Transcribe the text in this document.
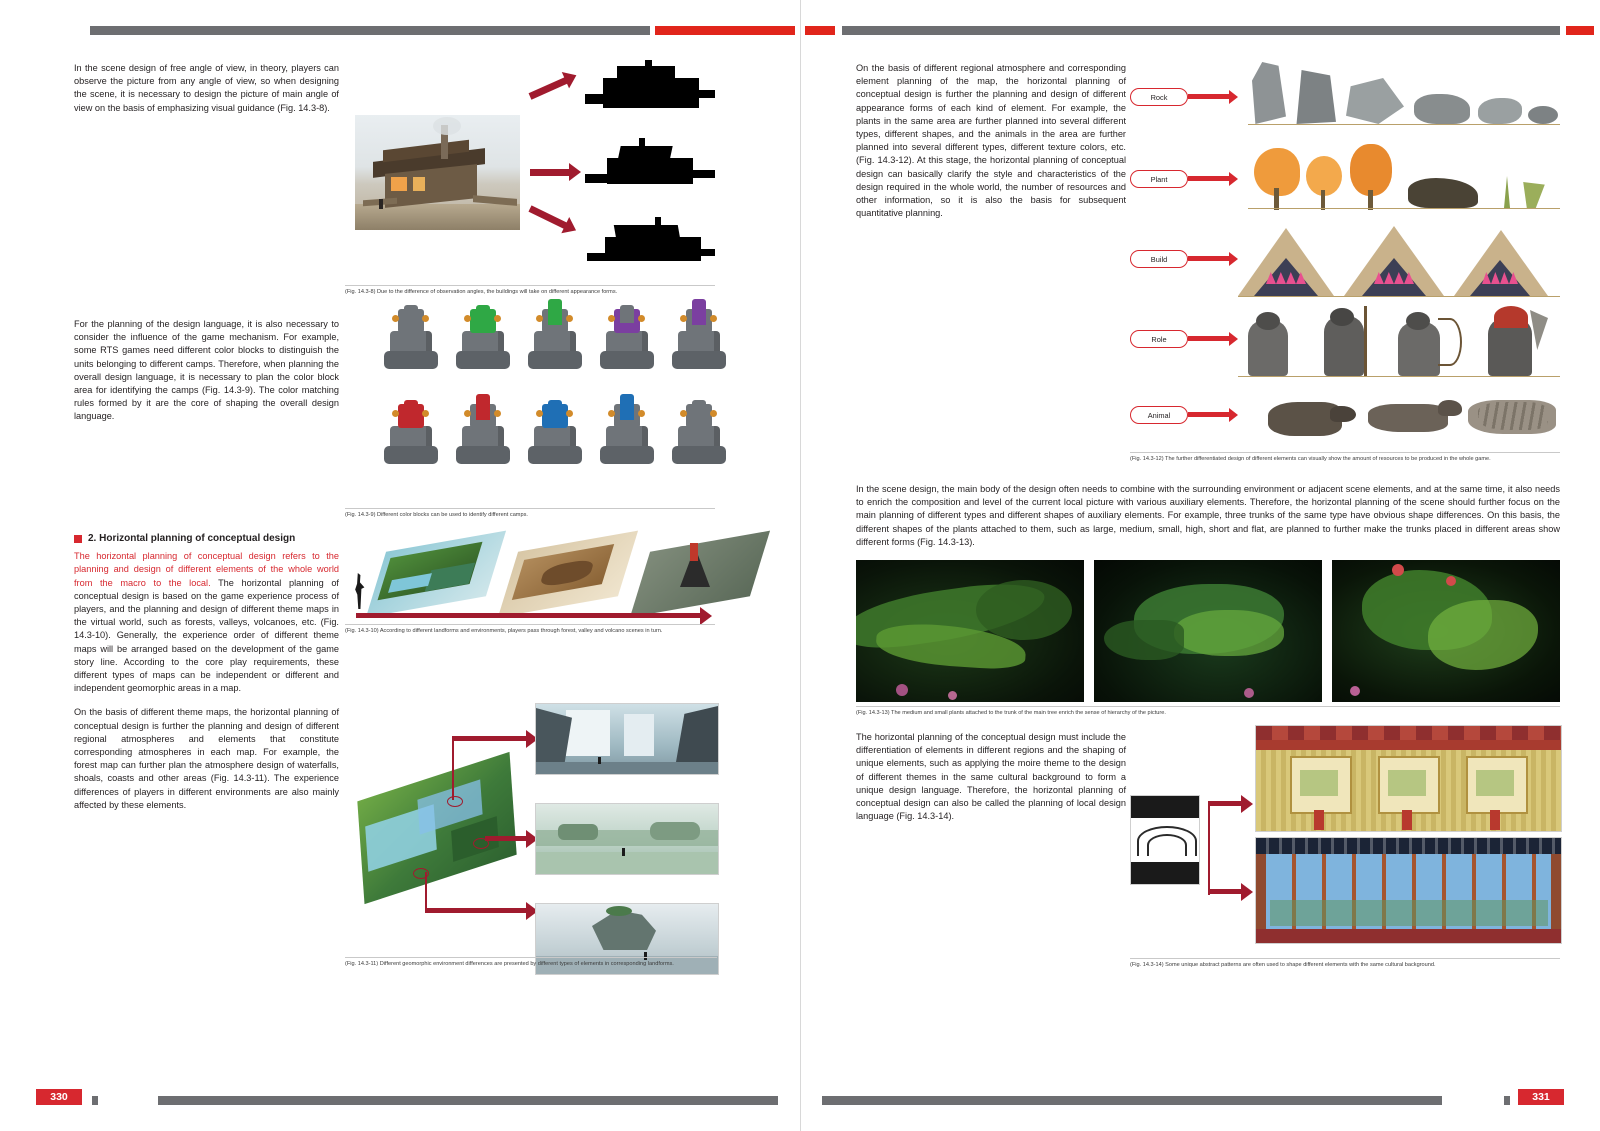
In the scene design of free angle of view, in theory, players can observe the picture from any angle of view, so when designing the scene, it is necessary to design the picture of main angle of view on the basis of emphasizing visual guidance (Fig. 14.3-8).

(Fig. 14.3-8) Due to the difference of observation angles, the buildings will take on different appearance forms.

For the planning of the design language, it is also necessary to consider the influence of the game mechanism. For example, some RTS games need different color blocks to distinguish the units belonging to different camps. Therefore, when planning the overall design language, it is necessary to plan the color block area for identifying the camps (Fig. 14.3-9). The color matching rules formed by it are the core of shaping the overall design language.

(Fig. 14.3-9) Different color blocks can be used to identify different camps.
2. Horizontal planning of conceptual design

The horizontal planning of conceptual design refers to the planning and design of different elements of the whole world from the macro to the local. The horizontal planning of conceptual design is based on the game experience process of players, and the planning and design of different theme maps in the virtual world, such as forests, valleys, volcanoes, etc. (Fig. 14.3-10). Generally, the experience order of different theme maps will be arranged based on the development of the game story line. According to the core play requirements, these different types of maps can be independent or different and independent geomorphic areas in a map.

On the basis of different theme maps, the horizontal planning of conceptual design is further the planning and design of different regional atmospheres and elements that constitute corresponding atmospheres in each map. For example, the forest map can further plan the atmosphere design of waterfalls, shoals, coasts and other areas (Fig. 14.3-11). The experience differences of players in different environments are also mainly affected by these elements.

(Fig. 14.3-10) According to different landforms and environments, players pass through forest, valley and volcano scenes in turn.
(Fig. 14.3-11) Different geomorphic environment differences are presented by different types of elements in corresponding landforms.
330

On the basis of different regional atmosphere and corresponding element planning of the map, the horizontal planning of conceptual design is further the planning and design of different appearance forms of each kind of element. For example, the plants in the same area are further planned into several different types, different shapes, and the animals in the area are further planned into several different types, different texture colors, etc. (Fig. 14.3-12). At this stage, the horizontal planning of conceptual design can basically clarify the style and characteristics of the design required in the whole world, the number of resources and other information, so it is also the basis for subsequent quantitative planning.

Rock
Plant
Build
Role
Animal
(Fig. 14.3-12) The further differentiated design of different elements can visually show the amount of resources to be produced in the whole game.

In the scene design, the main body of the design often needs to combine with the surrounding environment or adjacent scene elements, and at the same time, it also needs to enrich the composition and level of the current local picture with various auxiliary elements. Therefore, the horizontal planning of the scene should further focus on the main planning of different types and different shapes of auxiliary elements. For example, three trunks of the same type have obvious shape differences. On this basis, the different shapes of the plants attached to them, such as large, medium, small, high, short and flat, are planned to further make the trunks placed in different areas show different forms (Fig. 14.3-13).

(Fig. 14.3-13) The medium and small plants attached to the trunk of the main tree enrich the sense of hierarchy of the picture.

The horizontal planning of the conceptual design must include the differentiation of elements in different regions and the shaping of unique elements, such as applying the moire theme to the design of different themes in the same cultural background to form a unique design language. Therefore, the horizontal planning of conceptual design can also be called the planning of local design language (Fig. 14.3-14).

(Fig. 14.3-14) Some unique abstract patterns are often used to shape different elements with the same cultural background.
331
